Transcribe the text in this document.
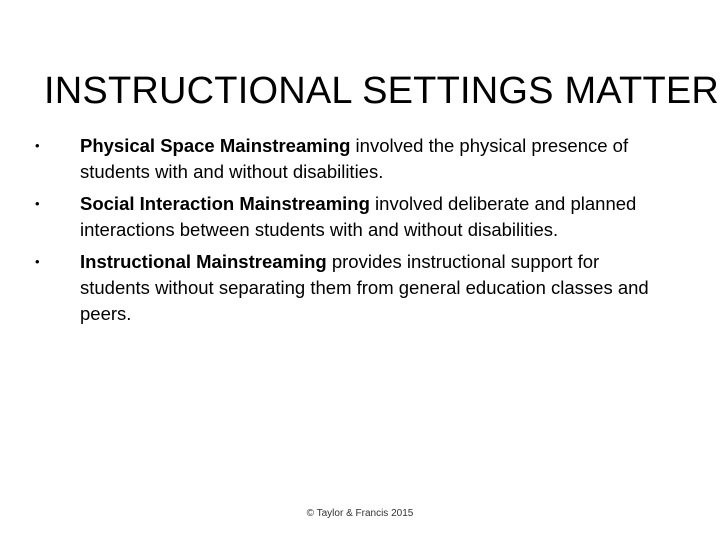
INSTRUCTIONAL SETTINGS MATTER
•	Physical Space Mainstreaming involved the physical presence of students with and without disabilities.
•	Social Interaction Mainstreaming involved deliberate and planned interactions between students with and without disabilities.
•	Instructional Mainstreaming provides instructional support for students without separating them from general education classes and peers.
© Taylor & Francis 2015
